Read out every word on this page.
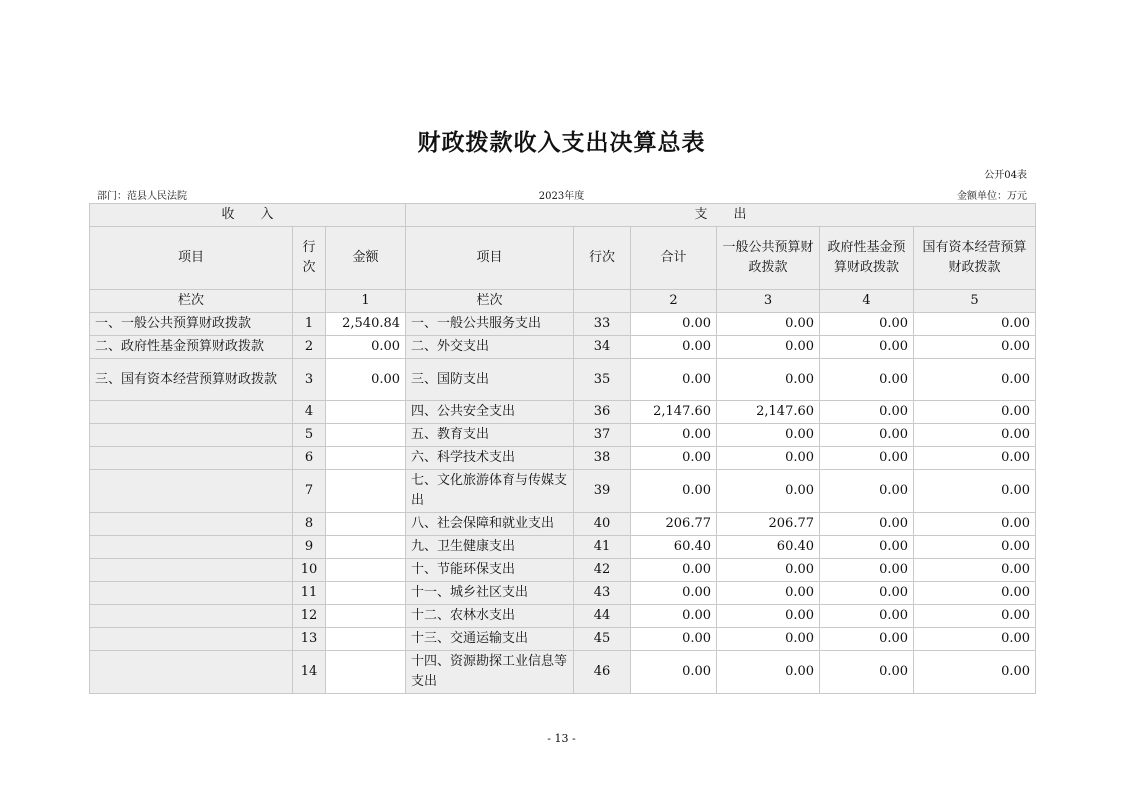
财政拨款收入支出决算总表
公开04表
部门：范县人民法院	2023年度	金额单位：万元
收　　入			支　　出					
项目	行次	金额	项目	行次	合计	一般公共预算财政拨款	政府性基金预算财政拨款	国有资本经营预算财政拨款
栏次		1	栏次		2	3	4	5
一、一般公共预算财政拨款	1	2,540.84	一、一般公共服务支出	33	0.00	0.00	0.00	0.00
二、政府性基金预算财政拨款	2	0.00	二、外交支出	34	0.00	0.00	0.00	0.00
三、国有资本经营预算财政拨款	3	0.00	三、国防支出	35	0.00	0.00	0.00	0.00
	4		四、公共安全支出	36	2,147.60	2,147.60	0.00	0.00
	5		五、教育支出	37	0.00	0.00	0.00	0.00
	6		六、科学技术支出	38	0.00	0.00	0.00	0.00
	7		七、文化旅游体育与传媒支出	39	0.00	0.00	0.00	0.00
	8		八、社会保障和就业支出	40	206.77	206.77	0.00	0.00
	9		九、卫生健康支出	41	60.40	60.40	0.00	0.00
	10		十、节能环保支出	42	0.00	0.00	0.00	0.00
	11		十一、城乡社区支出	43	0.00	0.00	0.00	0.00
	12		十二、农林水支出	44	0.00	0.00	0.00	0.00
	13		十三、交通运输支出	45	0.00	0.00	0.00	0.00
	14		十四、资源勘探工业信息等支出	46	0.00	0.00	0.00	0.00
- 13 -
